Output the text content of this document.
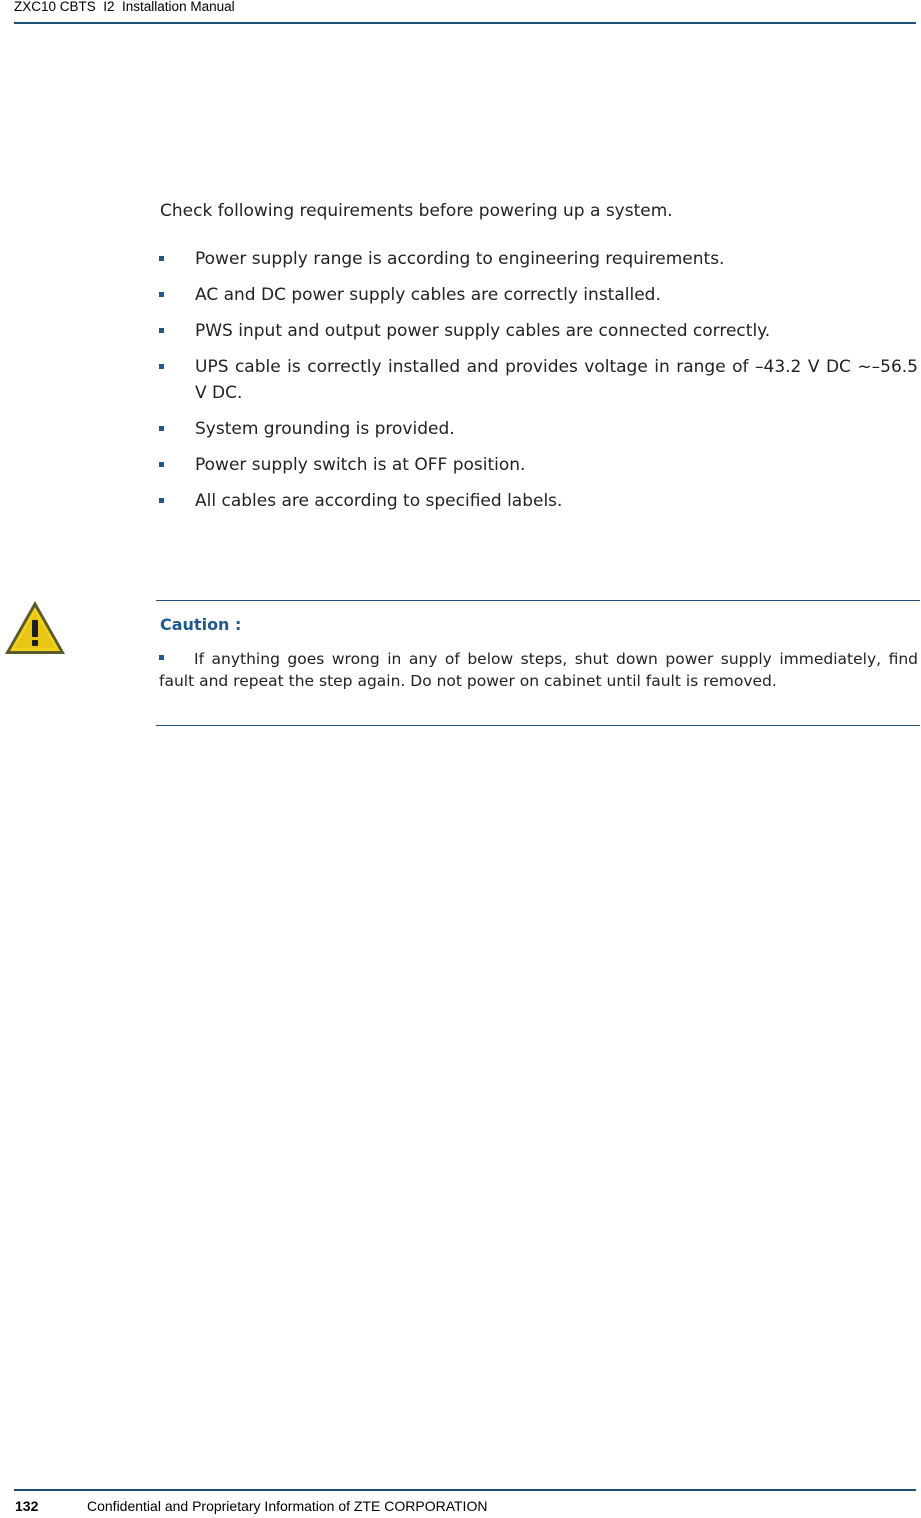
ZXC10 CBTS  I2  Installation Manual
Check following requirements before powering up a system.
Power supply range is according to engineering requirements.
AC and DC power supply cables are correctly installed.
PWS input and output power supply cables are connected correctly.
UPS cable is correctly installed and provides voltage in range of –43.2 V DC ~–56.5 V DC.
System grounding is provided.
Power supply switch is at OFF position.
All cables are according to specified labels.
Caution :
If anything goes wrong in any of below steps, shut down power supply immediately, find fault and repeat the step again. Do not power on cabinet until fault is removed.
132	Confidential and Proprietary Information of ZTE CORPORATION
